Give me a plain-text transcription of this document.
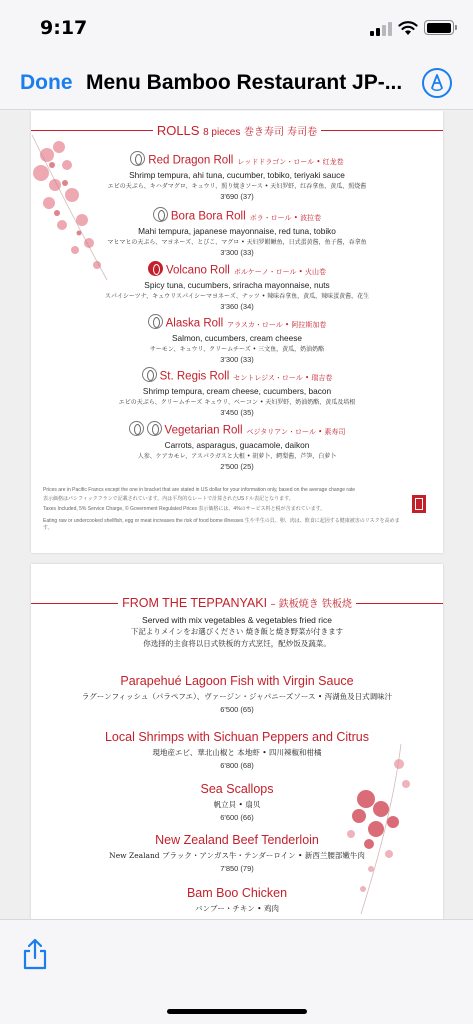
9:17
Done Menu Bamboo Restaurant JP-...
ROLLS 8 pieces 巻き寿司 寿司卷
Red Dragon Roll レッドドラゴン・ロール • 红龙卷
Shrimp tempura, ahi tuna, cucumber, tobiko, teriyaki sauce
エビの天ぷら、キハダマグロ、キュウリ、照り焼きソース • 天妇罗虾，红吞拿鱼，黄瓜，照烧酱
3'690 (37)
Bora Bora Roll ボラ・ロール • 波拉卷
Mahi tempura, japanese mayonnaise, red tuna, tobiko
マヒマヒの天ぷら、マヨネーズ、とびこ、マグロ • 天妇罗鲯鳅鱼，日式蛋黄酱，鱼子酱，吞拿鱼
3'300 (33)
Volcano Roll ボルケーノ・ロール • 火山卷
Spicy tuna, cucumbers, sriracha mayonnaise, nuts
スパイシーツナ、キュウリスパイシーマヨネーズ、ナッツ • 辣味吞拿鱼，黄瓜，辣味蛋黄酱，花生
3'360 (34)
Alaska Roll アラスカ・ロール • 阿拉斯加卷
Salmon, cucumbers, cream cheese
サーモン、キュウリ、クリームチーズ • 三文鱼，黄瓜，奶油奶酪
3'300 (33)
St. Regis Roll セントレジス・ロール • 瑞吉卷
Shrimp tempura, cream cheese, cucumbers, bacon
エビの天ぷら、クリームチーズ キュウリ、ベーコン • 天妇罗虾，奶油奶酪，黄瓜及培根
3'450 (35)
Vegetarian Roll ベジタリアン・ロール • 素寿司
Carrots, asparagus, guacamole, daikon
人参、ケアカモレ、アスパラガスと大根 • 胡萝卜，鳄梨酱，芦笋，白萝卜
2'500 (25)
Prices are in Pacific Francs except the one in bracket that are stated in US dollar for your information only, based on the average change rate
表示価格はパシフィックフランで記載されています。内は平均的なレートで計算されたUSドル表記となります。
Taxes Included, 5% Service Charge, © Government Regulated Prices 表示価格には、4%のサービス料と税が含まれています。
Eating raw or undercooked shellfish, egg or meat increases the risk of food borne illnesses 生や半生の貝、卵、肉は、飲食に起因する健康被害のリスクを高めます。
FROM THE TEPPANYAKI – 鉄板焼き 铁板烧
Served with mix vegetables & vegetables fried rice
下記よりメインをお選びください 焼き飯と焼き野菜が付きます
你选择的主食将以日式铁板的方式烹饪，配炒饭及蔬菜。
Parapehué Lagoon Fish with Virgin Sauce
ラグーンフィッシュ（パラペフエ）、ヴァージン・ジャパニーズソース • 泻湖鱼及日式调味汁
6'500 (65)
Local Shrimps with Sichuan Peppers and Citrus
現地産エビ、華北山椒と 本地虾 • 四川辣椒和柑橘
6'800 (68)
Sea Scallops
帆立貝 • 扇贝
6'600 (66)
New Zealand Beef Tenderloin
New Zealand ブラック・アンガス牛・テンダーロイン • 新西兰腰部嫩牛肉
7'850 (79)
Bam Boo Chicken
バンブー・チキン • 鸡肉
